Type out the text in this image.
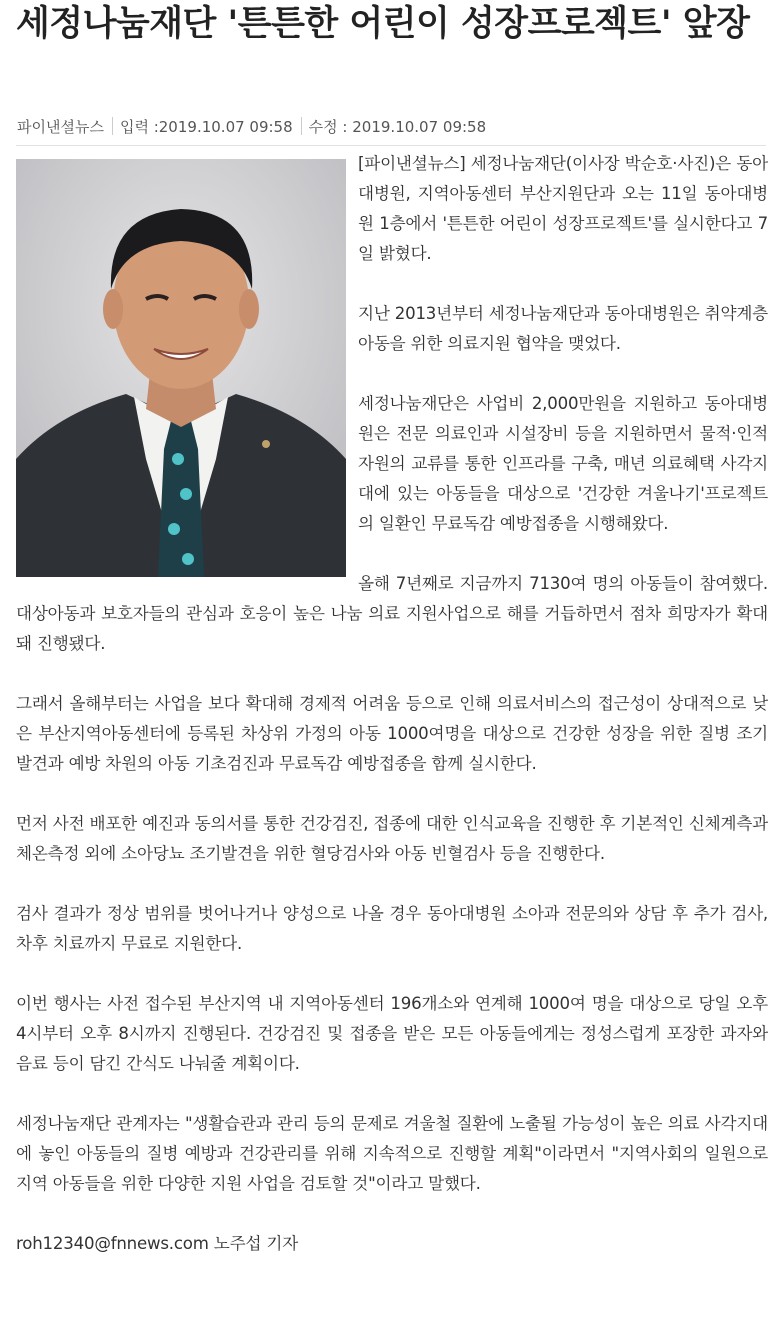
세정나눔재단 '튼튼한 어린이 성장프로젝트' 앞장
파이낸셜뉴스 입력 :2019.10.07 09:58 수정 : 2019.10.07 09:58

[파이낸셜뉴스] 세정나눔재단(이사장 박순호·사진)은 동아대병원, 지역아동센터 부산지원단과 오는 11일 동아대병원 1층에서 '튼튼한 어린이 성장프로젝트'를 실시한다고 7일 밝혔다.

지난 2013년부터 세정나눔재단과 동아대병원은 취약계층 아동을 위한 의료지원 협약을 맺었다.

세정나눔재단은 사업비 2,000만원을 지원하고 동아대병원은 전문 의료인과 시설장비 등을 지원하면서 물적·인적 자원의 교류를 통한 인프라를 구축, 매년 의료혜택 사각지대에 있는 아동들을 대상으로 '건강한 겨울나기'프로젝트의 일환인 무료독감 예방접종을 시행해왔다.

올해 7년째로 지금까지 7130여 명의 아동들이 참여했다. 대상아동과 보호자들의 관심과 호응이 높은 나눔 의료 지원사업으로 해를 거듭하면서 점차 희망자가 확대돼 진행됐다.

그래서 올해부터는 사업을 보다 확대해 경제적 어려움 등으로 인해 의료서비스의 접근성이 상대적으로 낮은 부산지역아동센터에 등록된 차상위 가정의 아동 1000여명을 대상으로 건강한 성장을 위한 질병 조기 발견과 예방 차원의 아동 기초검진과 무료독감 예방접종을 함께 실시한다.

먼저 사전 배포한 예진과 동의서를 통한 건강검진, 접종에 대한 인식교육을 진행한 후 기본적인 신체계측과 체온측정 외에 소아당뇨 조기발견을 위한 혈당검사와 아동 빈혈검사 등을 진행한다.

검사 결과가 정상 범위를 벗어나거나 양성으로 나올 경우 동아대병원 소아과 전문의와 상담 후 추가 검사, 차후 치료까지 무료로 지원한다.

이번 행사는 사전 접수된 부산지역 내 지역아동센터 196개소와 연계해 1000여 명을 대상으로 당일 오후 4시부터 오후 8시까지 진행된다. 건강검진 및 접종을 받은 모든 아동들에게는 정성스럽게 포장한 과자와 음료 등이 담긴 간식도 나눠줄 계획이다.

세정나눔재단 관계자는 "생활습관과 관리 등의 문제로 겨울철 질환에 노출될 가능성이 높은 의료 사각지대에 놓인 아동들의 질병 예방과 건강관리를 위해 지속적으로 진행할 계획"이라면서 "지역사회의 일원으로 지역 아동들을 위한 다양한 지원 사업을 검토할 것"이라고 말했다.

roh12340@fnnews.com 노주섭 기자
